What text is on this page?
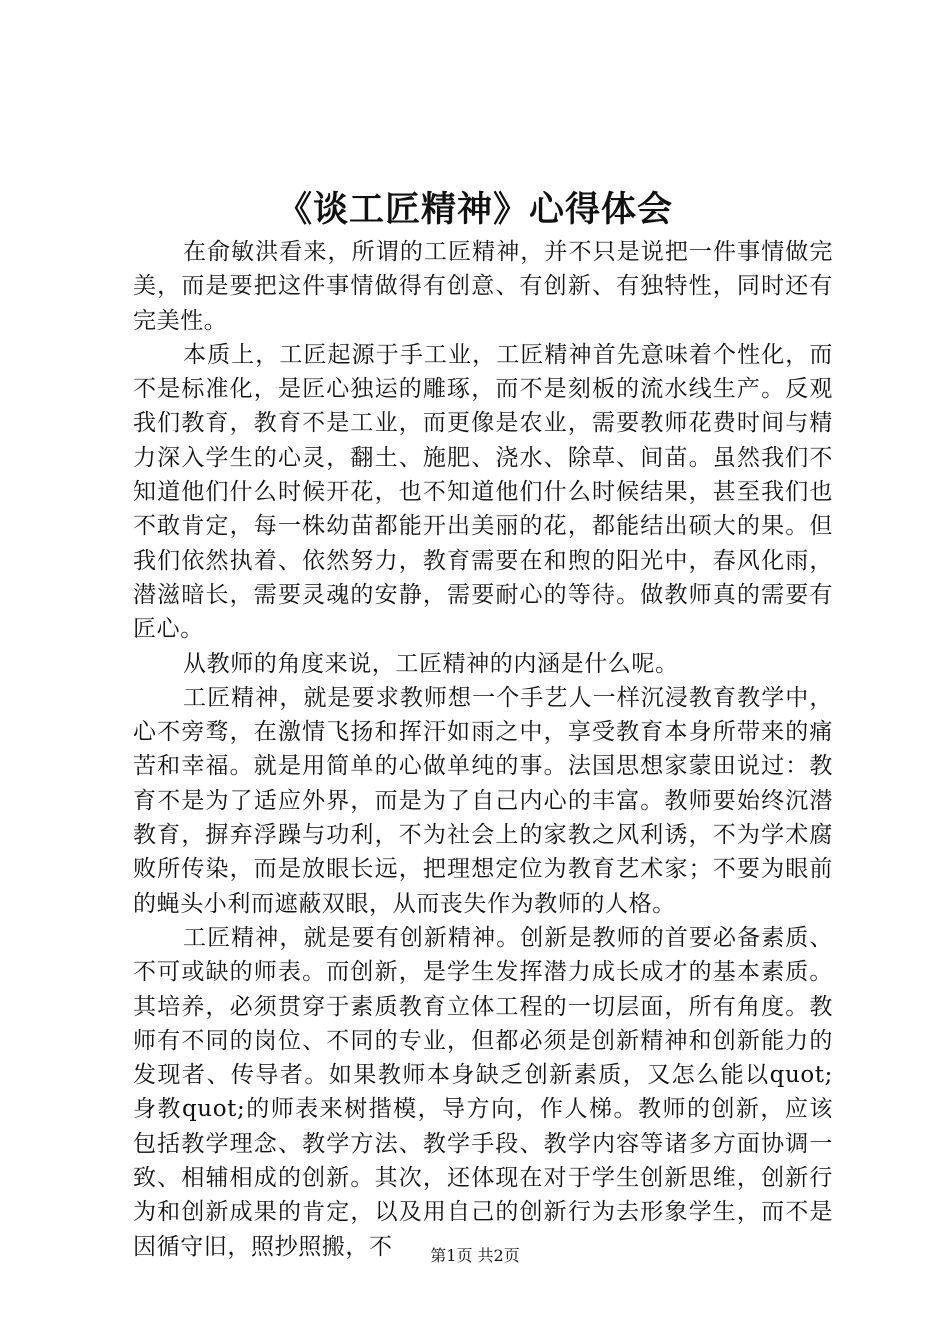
《谈工匠精神》心得体会

在俞敏洪看来，所谓的工匠精神，并不只是说把一件事情做完美，而是要把这件事情做得有创意、有创新、有独特性，同时还有完美性。

本质上，工匠起源于手工业，工匠精神首先意味着个性化，而不是标准化，是匠心独运的雕琢，而不是刻板的流水线生产。反观我们教育，教育不是工业，而更像是农业，需要教师花费时间与精力深入学生的心灵，翻土、施肥、浇水、除草、间苗。虽然我们不知道他们什么时候开花，也不知道他们什么时候结果，甚至我们也不敢肯定，每一株幼苗都能开出美丽的花，都能结出硕大的果。但我们依然执着、依然努力，教育需要在和煦的阳光中，春风化雨，潜滋暗长，需要灵魂的安静，需要耐心的等待。做教师真的需要有匠心。

从教师的角度来说，工匠精神的内涵是什么呢。

工匠精神，就是要求教师想一个手艺人一样沉浸教育教学中，心不旁骛，在激情飞扬和挥汗如雨之中，享受教育本身所带来的痛苦和幸福。就是用简单的心做单纯的事。法国思想家蒙田说过：教育不是为了适应外界，而是为了自己内心的丰富。教师要始终沉潜教育，摒弃浮躁与功利，不为社会上的家教之风利诱，不为学术腐败所传染，而是放眼长远，把理想定位为教育艺术家；不要为眼前的蝇头小利而遮蔽双眼，从而丧失作为教师的人格。

工匠精神，就是要有创新精神。创新是教师的首要必备素质、不可或缺的师表。而创新，是学生发挥潜力成长成才的基本素质。其培养，必须贯穿于素质教育立体工程的一切层面，所有角度。教师有不同的岗位、不同的专业，但都必须是创新精神和创新能力的发现者、传导者。如果教师本身缺乏创新素质，又怎么能以quot;身教quot;的师表来树揩模，导方向，作人梯。教师的创新，应该包括教学理念、教学方法、教学手段、教学内容等诸多方面协调一致、相辅相成的创新。其次，还体现在对于学生创新思维，创新行为和创新成果的肯定，以及用自己的创新行为去形象学生，而不是因循守旧，照抄照搬，不	第1页 共2页
